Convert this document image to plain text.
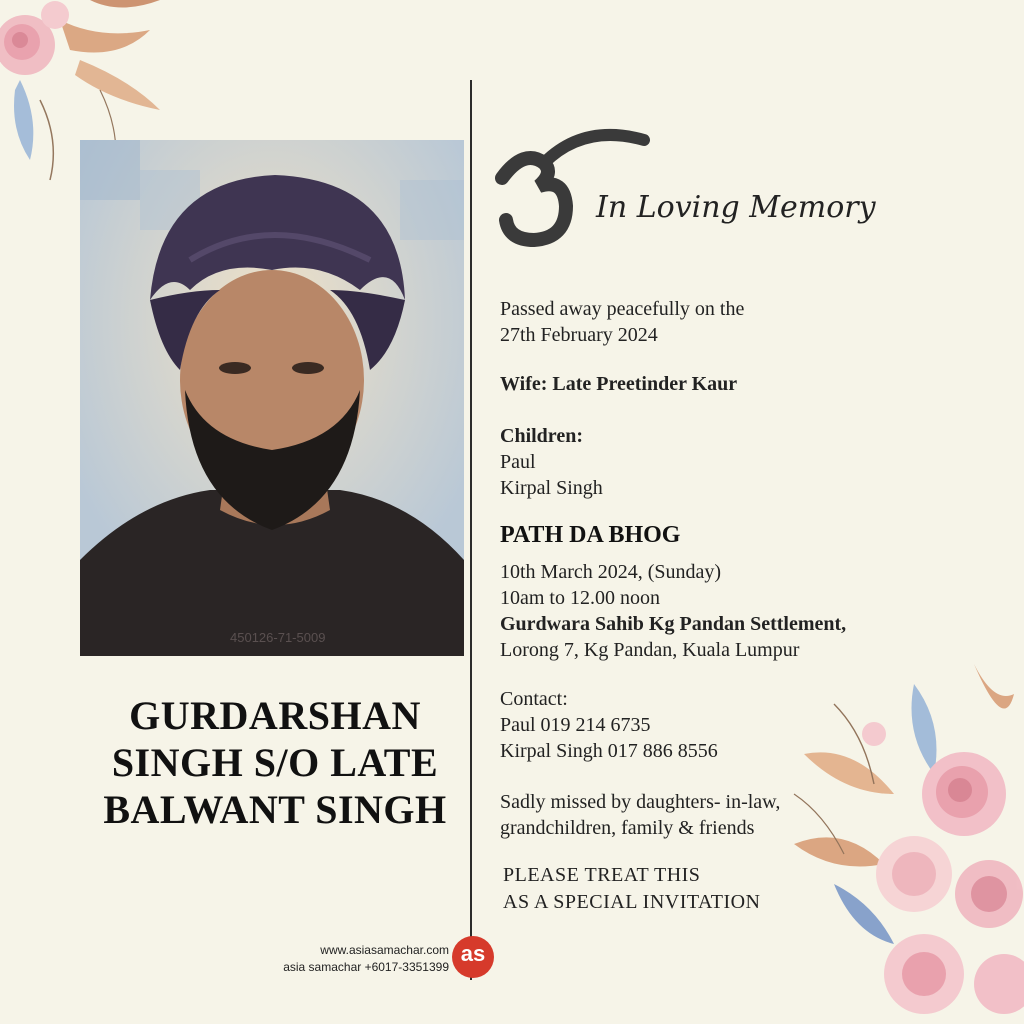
450126-71-5009
GURDARSHAN
SINGH S/O LATE
BALWANT SINGH
In Loving Memory
Passed away peacefully on the
27th February 2024
Wife: Late Preetinder Kaur
Children:
Paul
Kirpal Singh
PATH DA BHOG
10th March 2024, (Sunday)
10am to 12.00 noon
Gurdwara Sahib Kg Pandan Settlement,
Lorong 7, Kg Pandan, Kuala Lumpur
Contact:
Paul 019 214 6735
Kirpal Singh 017 886 8556
Sadly missed by daughters- in-law,
grandchildren, family & friends
PLEASE TREAT THIS
AS A SPECIAL INVITATION
www.asiasamachar.com
asia samachar +6017-3351399
as
